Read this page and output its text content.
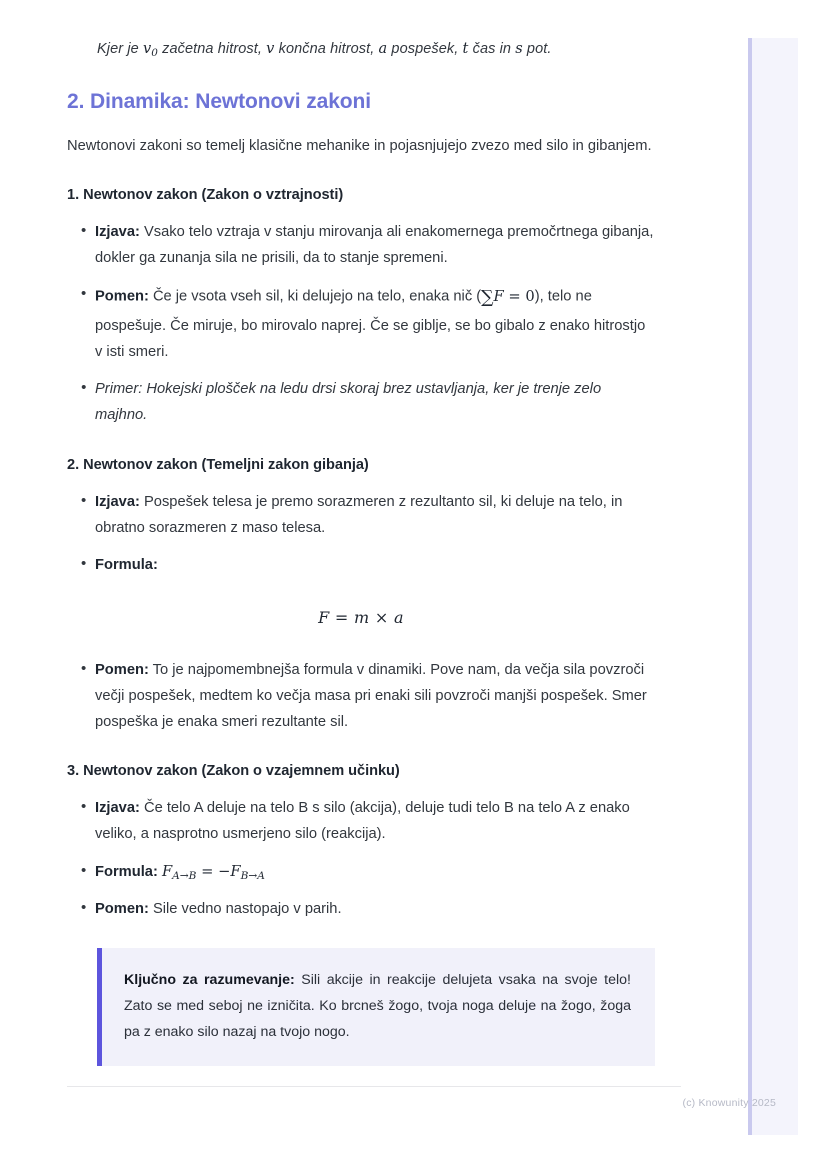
Kjer je $v_0$ začetna hitrost, v končna hitrost, a pospešek, t čas in s pot.

2. Dinamika: Newtonovi zakoni

Newtonovi zakoni so temelj klasične mehanike in pojasnjujejo zvezo med silo in gibanjem.

1. Newtonov zakon (Zakon o vztrajnosti)
• Izjava: Vsako telo vztraja v stanju mirovanja ali enakomernega premočrtnega gibanja, dokler ga zunanja sila ne prisili, da to stanje spremeni.
• Pomen: Če je vsota vseh sil, ki delujejo na telo, enaka nič (∑F = 0), telo ne pospešuje. Če miruje, bo mirovalo naprej. Če se giblje, se bo gibalo z enako hitrostjo v isti smeri.
• Primer: Hokejski plošček na ledu drsi skoraj brez ustavljanja, ker je trenje zelo majhno.
2. Newtonov zakon (Temeljni zakon gibanja)
• Izjava: Pospešek telesa je premo sorazmeren z rezultanto sil, ki deluje na telo, in obratno sorazmeren z maso telesa.
• Formula:
F = m × a
• Pomen: To je najpomembnejša formula v dinamiki. Pove nam, da večja sila povzroči večji pospešek, medtem ko večja masa pri enaki sili povzroči manjši pospešek. Smer pospeška je enaka smeri rezultante sil.
3. Newtonov zakon (Zakon o vzajemnem učinku)
• Izjava: Če telo A deluje na telo B s silo (akcija), deluje tudi telo B na telo A z enako veliko, a nasprotno usmerjeno silo (reakcija).
• Formula: $F_{A\to B} = -F_{B\to A}$
• Pomen: Sile vedno nastopajo v parih.

Ključno za razumevanje: Sili akcije in reakcije delujeta vsaka na svoje telo! Zato se med seboj ne izničita. Ko brcneš žogo, tvoja noga deluje na žogo, žoga pa z enako silo nazaj na tvojo nogo.

(c) Knowunity 2025
